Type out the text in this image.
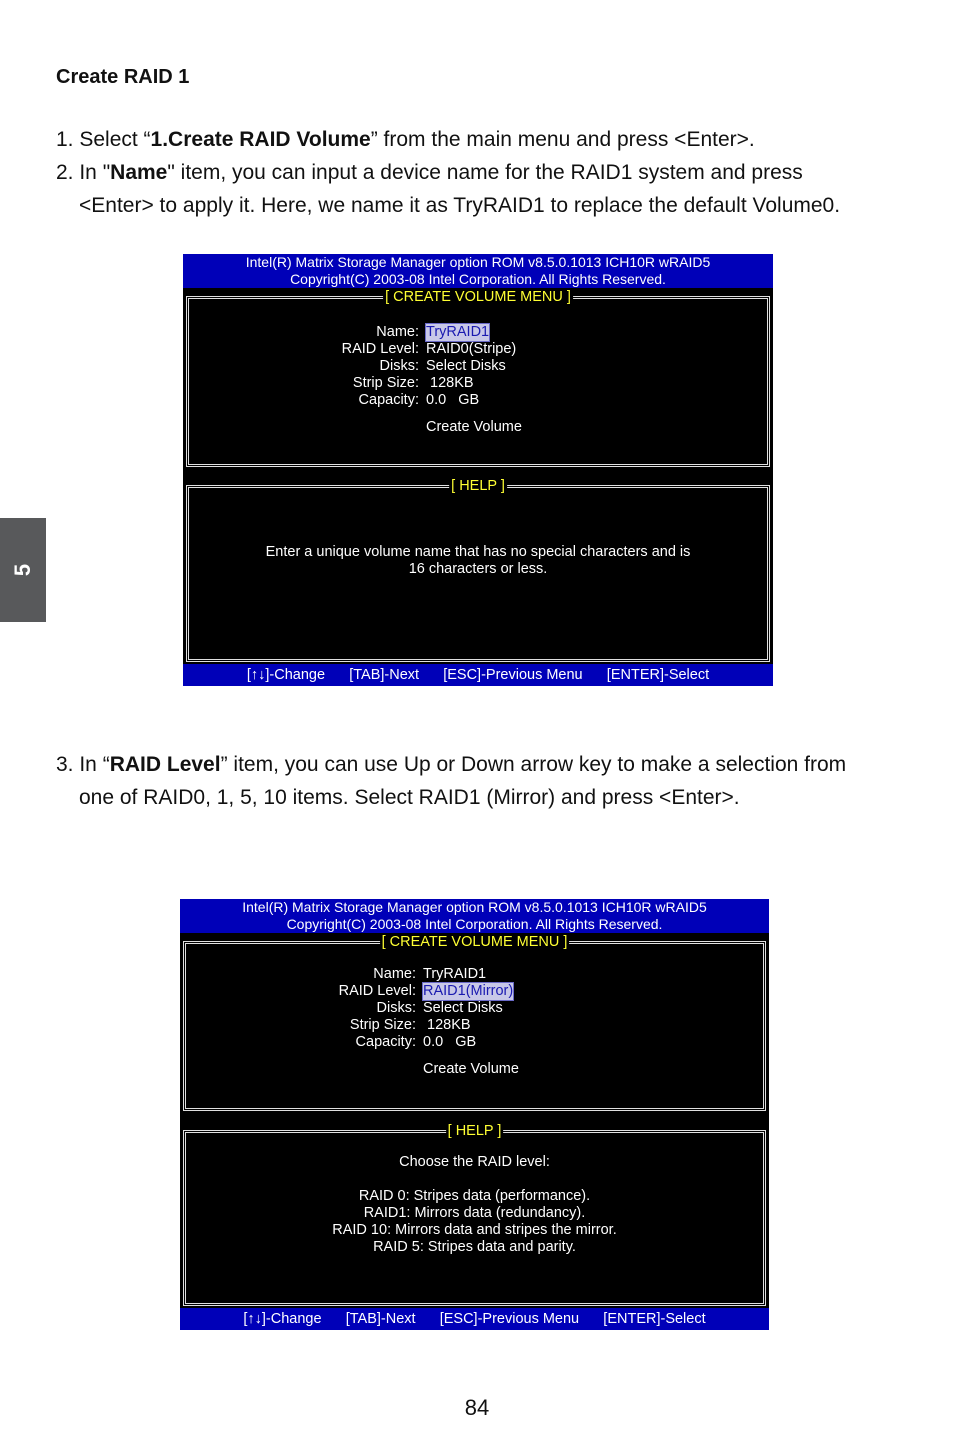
5
Create RAID 1
1. Select “1.Create RAID Volume” from the main menu and press <Enter>.
2. In "Name" item, you can input a device name for the RAID1 system and press
<Enter> to apply it. Here, we name it as TryRAID1 to replace the default Volume0.
Intel(R) Matrix Storage Manager option ROM v8.5.0.1013 ICH10R wRAID5
Copyright(C) 2003-08 Intel Corporation. All Rights Reserved.
[ CREATE VOLUME MENU ]
Name: TryRAID1
RAID Level: RAID0(Stripe)
Disks: Select Disks
Strip Size: 128KB
Capacity: 0.0   GB
Create Volume
[ HELP ]
Enter a unique volume name that has no special characters and is
16 characters or less.
[↑↓]-Change      [TAB]-Next      [ESC]-Previous Menu      [ENTER]-Select
3. In “RAID Level” item, you can use Up or Down arrow key to make a selection from
one of RAID0, 1, 5, 10 items. Select RAID1 (Mirror) and press <Enter>.
Intel(R) Matrix Storage Manager option ROM v8.5.0.1013 ICH10R wRAID5
Copyright(C) 2003-08 Intel Corporation. All Rights Reserved.
[ CREATE VOLUME MENU ]
Name: TryRAID1
RAID Level: RAID1(Mirror)
Disks: Select Disks
Strip Size: 128KB
Capacity: 0.0   GB
Create Volume
[ HELP ]
Choose the RAID level:
RAID 0: Stripes data (performance).
RAID1: Mirrors data (redundancy).
RAID 10: Mirrors data and stripes the mirror.
RAID 5: Stripes data and parity.
[↑↓]-Change      [TAB]-Next      [ESC]-Previous Menu      [ENTER]-Select
84
